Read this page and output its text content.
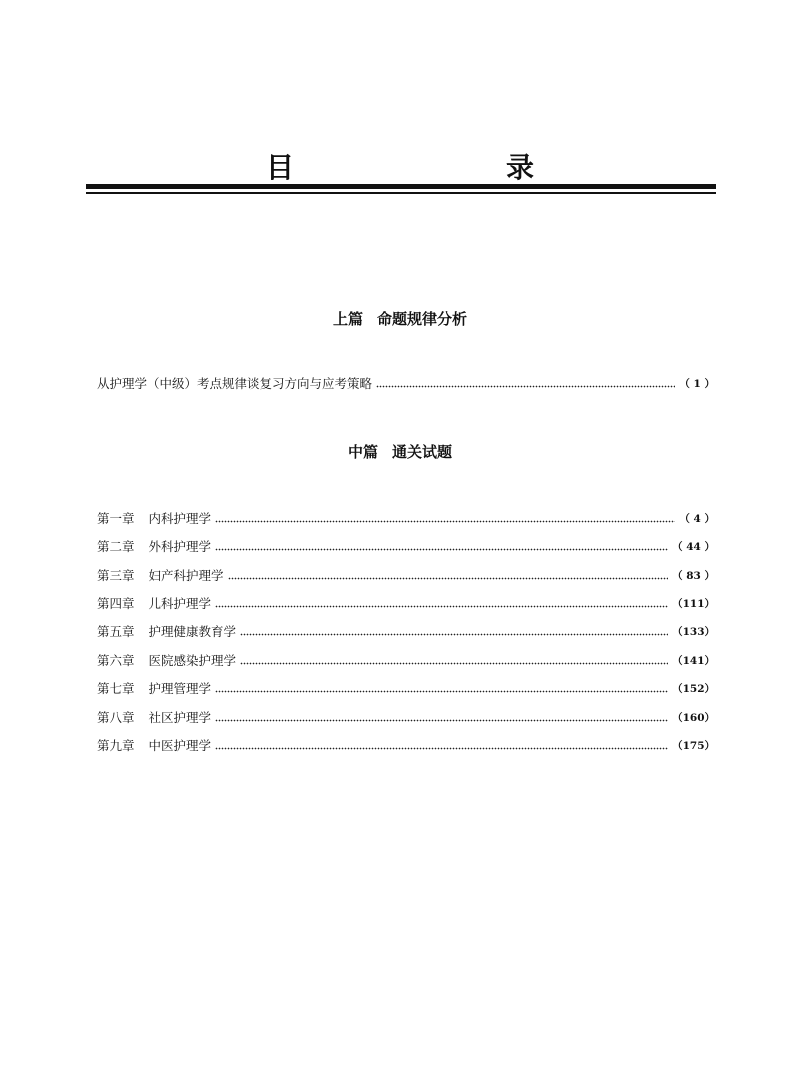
目　　录
上篇 命题规律分析
从护理学（中级）考点规律谈复习方向与应考策略	（ 1 ）
中篇 通关试题
第一章 内科护理学	（ 4 ）
第二章 外科护理学	（ 44 ）
第三章 妇产科护理学	（ 83 ）
第四章 儿科护理学	（111）
第五章 护理健康教育学	（133）
第六章 医院感染护理学	（141）
第七章 护理管理学	（152）
第八章 社区护理学	（160）
第九章 中医护理学	（175）
